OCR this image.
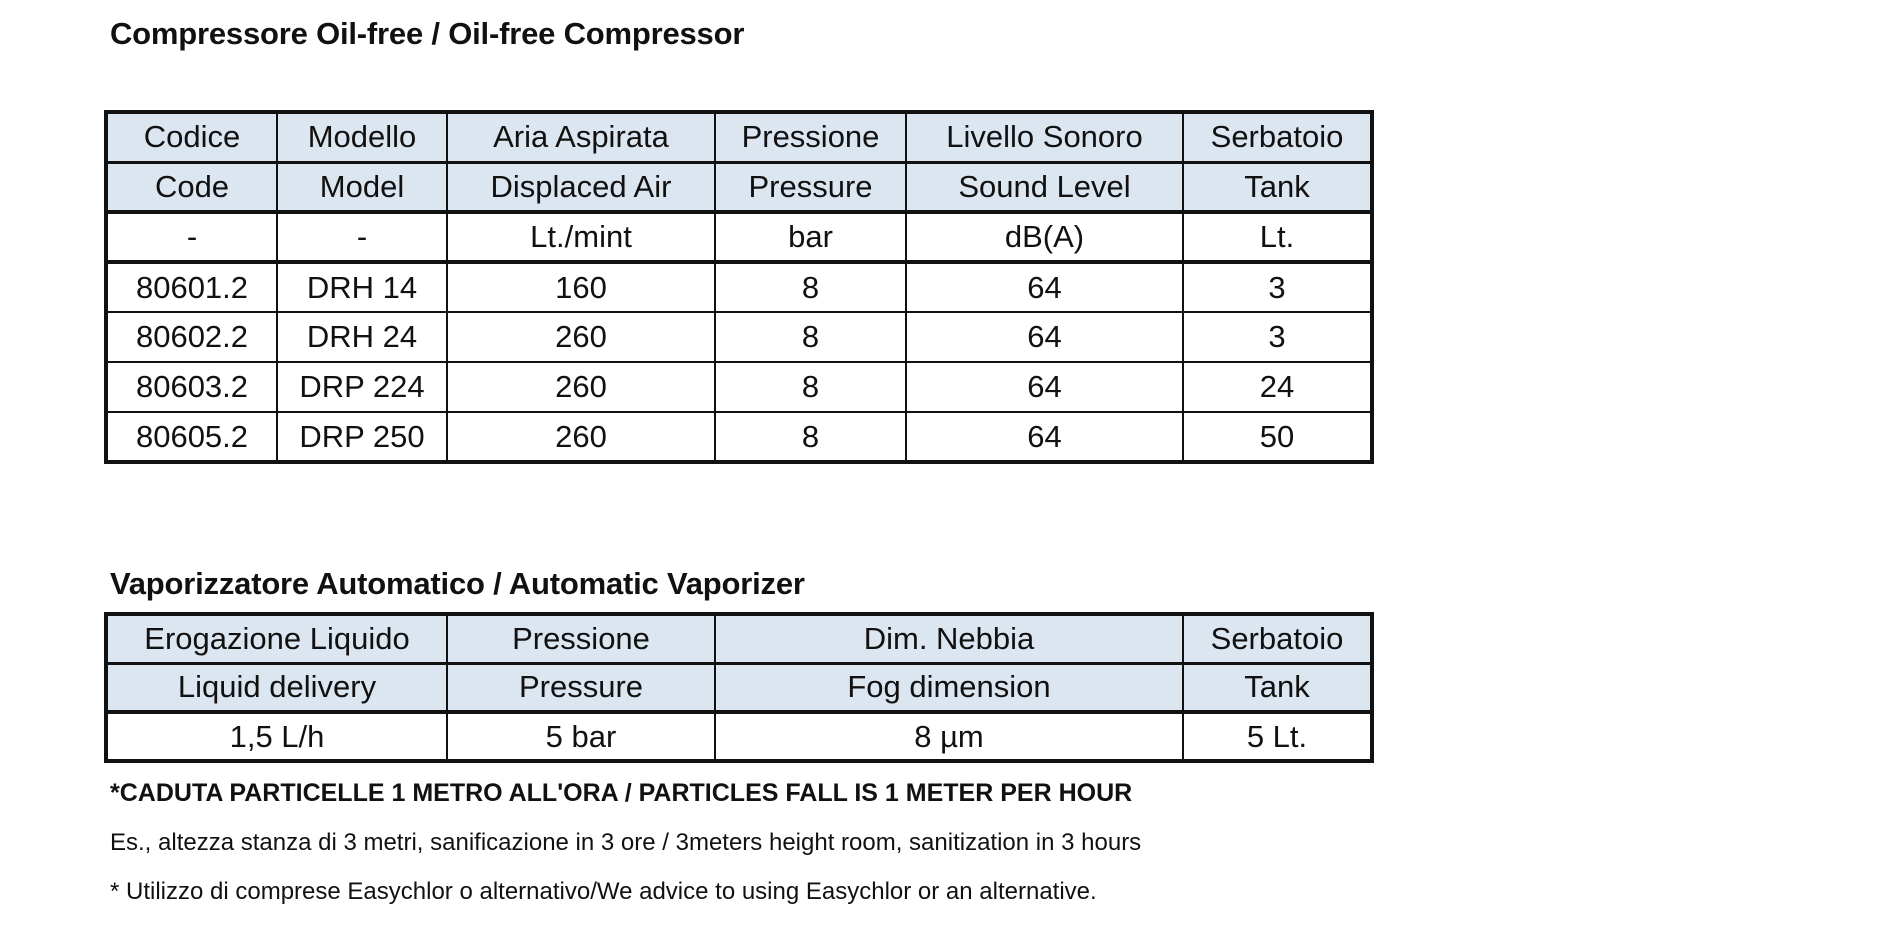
Compressore Oil-free / Oil-free Compressor
Codice	Modello	Aria Aspirata	Pressione	Livello Sonoro	Serbatoio
Code	Model	Displaced Air	Pressure	Sound Level	Tank
-	-	Lt./mint	bar	dB(A)	Lt.
80601.2	DRH 14	160	8	64	3
80602.2	DRH 24	260	8	64	3
80603.2	DRP 224	260	8	64	24
80605.2	DRP 250	260	8	64	50
Vaporizzatore Automatico / Automatic Vaporizer
Erogazione Liquido	Pressione	Dim. Nebbia	Serbatoio
Liquid delivery	Pressure	Fog dimension	Tank
1,5 L/h	5 bar	8 µm	5 Lt.
*CADUTA PARTICELLE 1 METRO ALL'ORA / PARTICLES FALL IS 1 METER PER HOUR
Es., altezza stanza di 3 metri, sanificazione in 3 ore / 3meters height room, sanitization in 3 hours
* Utilizzo di comprese Easychlor o alternativo/We advice to using Easychlor or an alternative.
